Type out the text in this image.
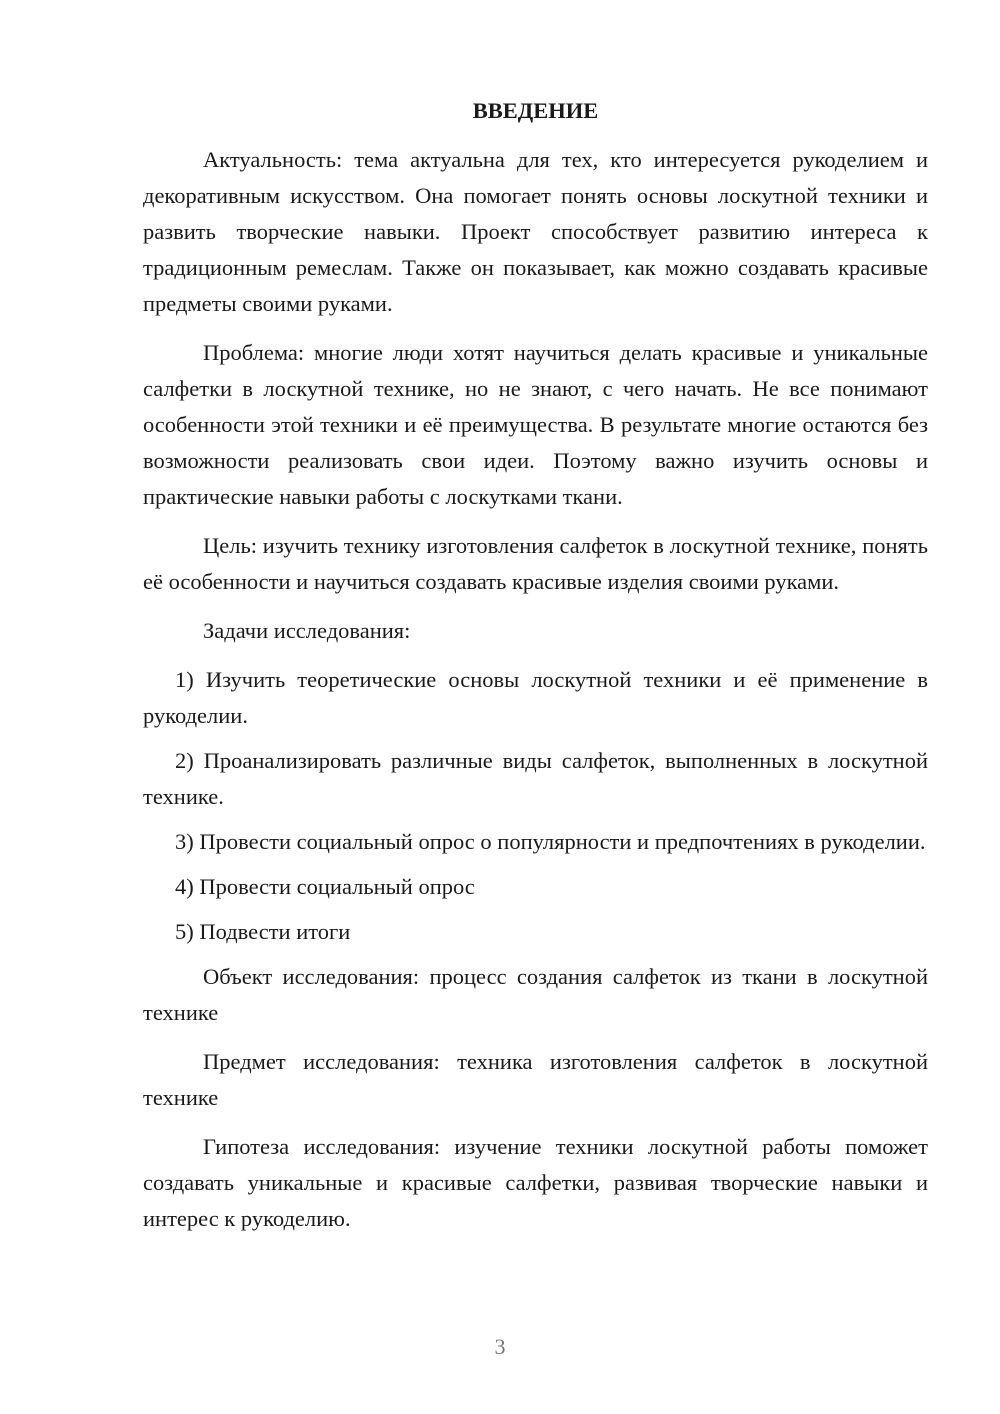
ВВЕДЕНИЕ

Актуальность: тема актуальна для тех, кто интересуется рукоделием и декоративным искусством. Она помогает понять основы лоскутной техники и развить творческие навыки. Проект способствует развитию интереса к традиционным ремеслам. Также он показывает, как можно создавать красивые предметы своими руками.

Проблема: многие люди хотят научиться делать красивые и уникальные салфетки в лоскутной технике, но не знают, с чего начать. Не все понимают особенности этой техники и её преимущества. В результате многие остаются без возможности реализовать свои идеи. Поэтому важно изучить основы и практические навыки работы с лоскутками ткани.

Цель: изучить технику изготовления салфеток в лоскутной технике, понять её особенности и научиться создавать красивые изделия своими руками.

Задачи исследования:

1) Изучить теоретические основы лоскутной техники и её применение в рукоделии.

2) Проанализировать различные виды салфеток, выполненных в лоскутной технике.

3) Провести социальный опрос о популярности и предпочтениях в рукоделии.

4) Провести социальный опрос

5) Подвести итоги

Объект исследования: процесс создания салфеток из ткани в лоскутной технике

Предмет исследования: техника изготовления салфеток в лоскутной технике

Гипотеза исследования: изучение техники лоскутной работы поможет создавать уникальные и красивые салфетки, развивая творческие навыки и интерес к рукоделию.

3
